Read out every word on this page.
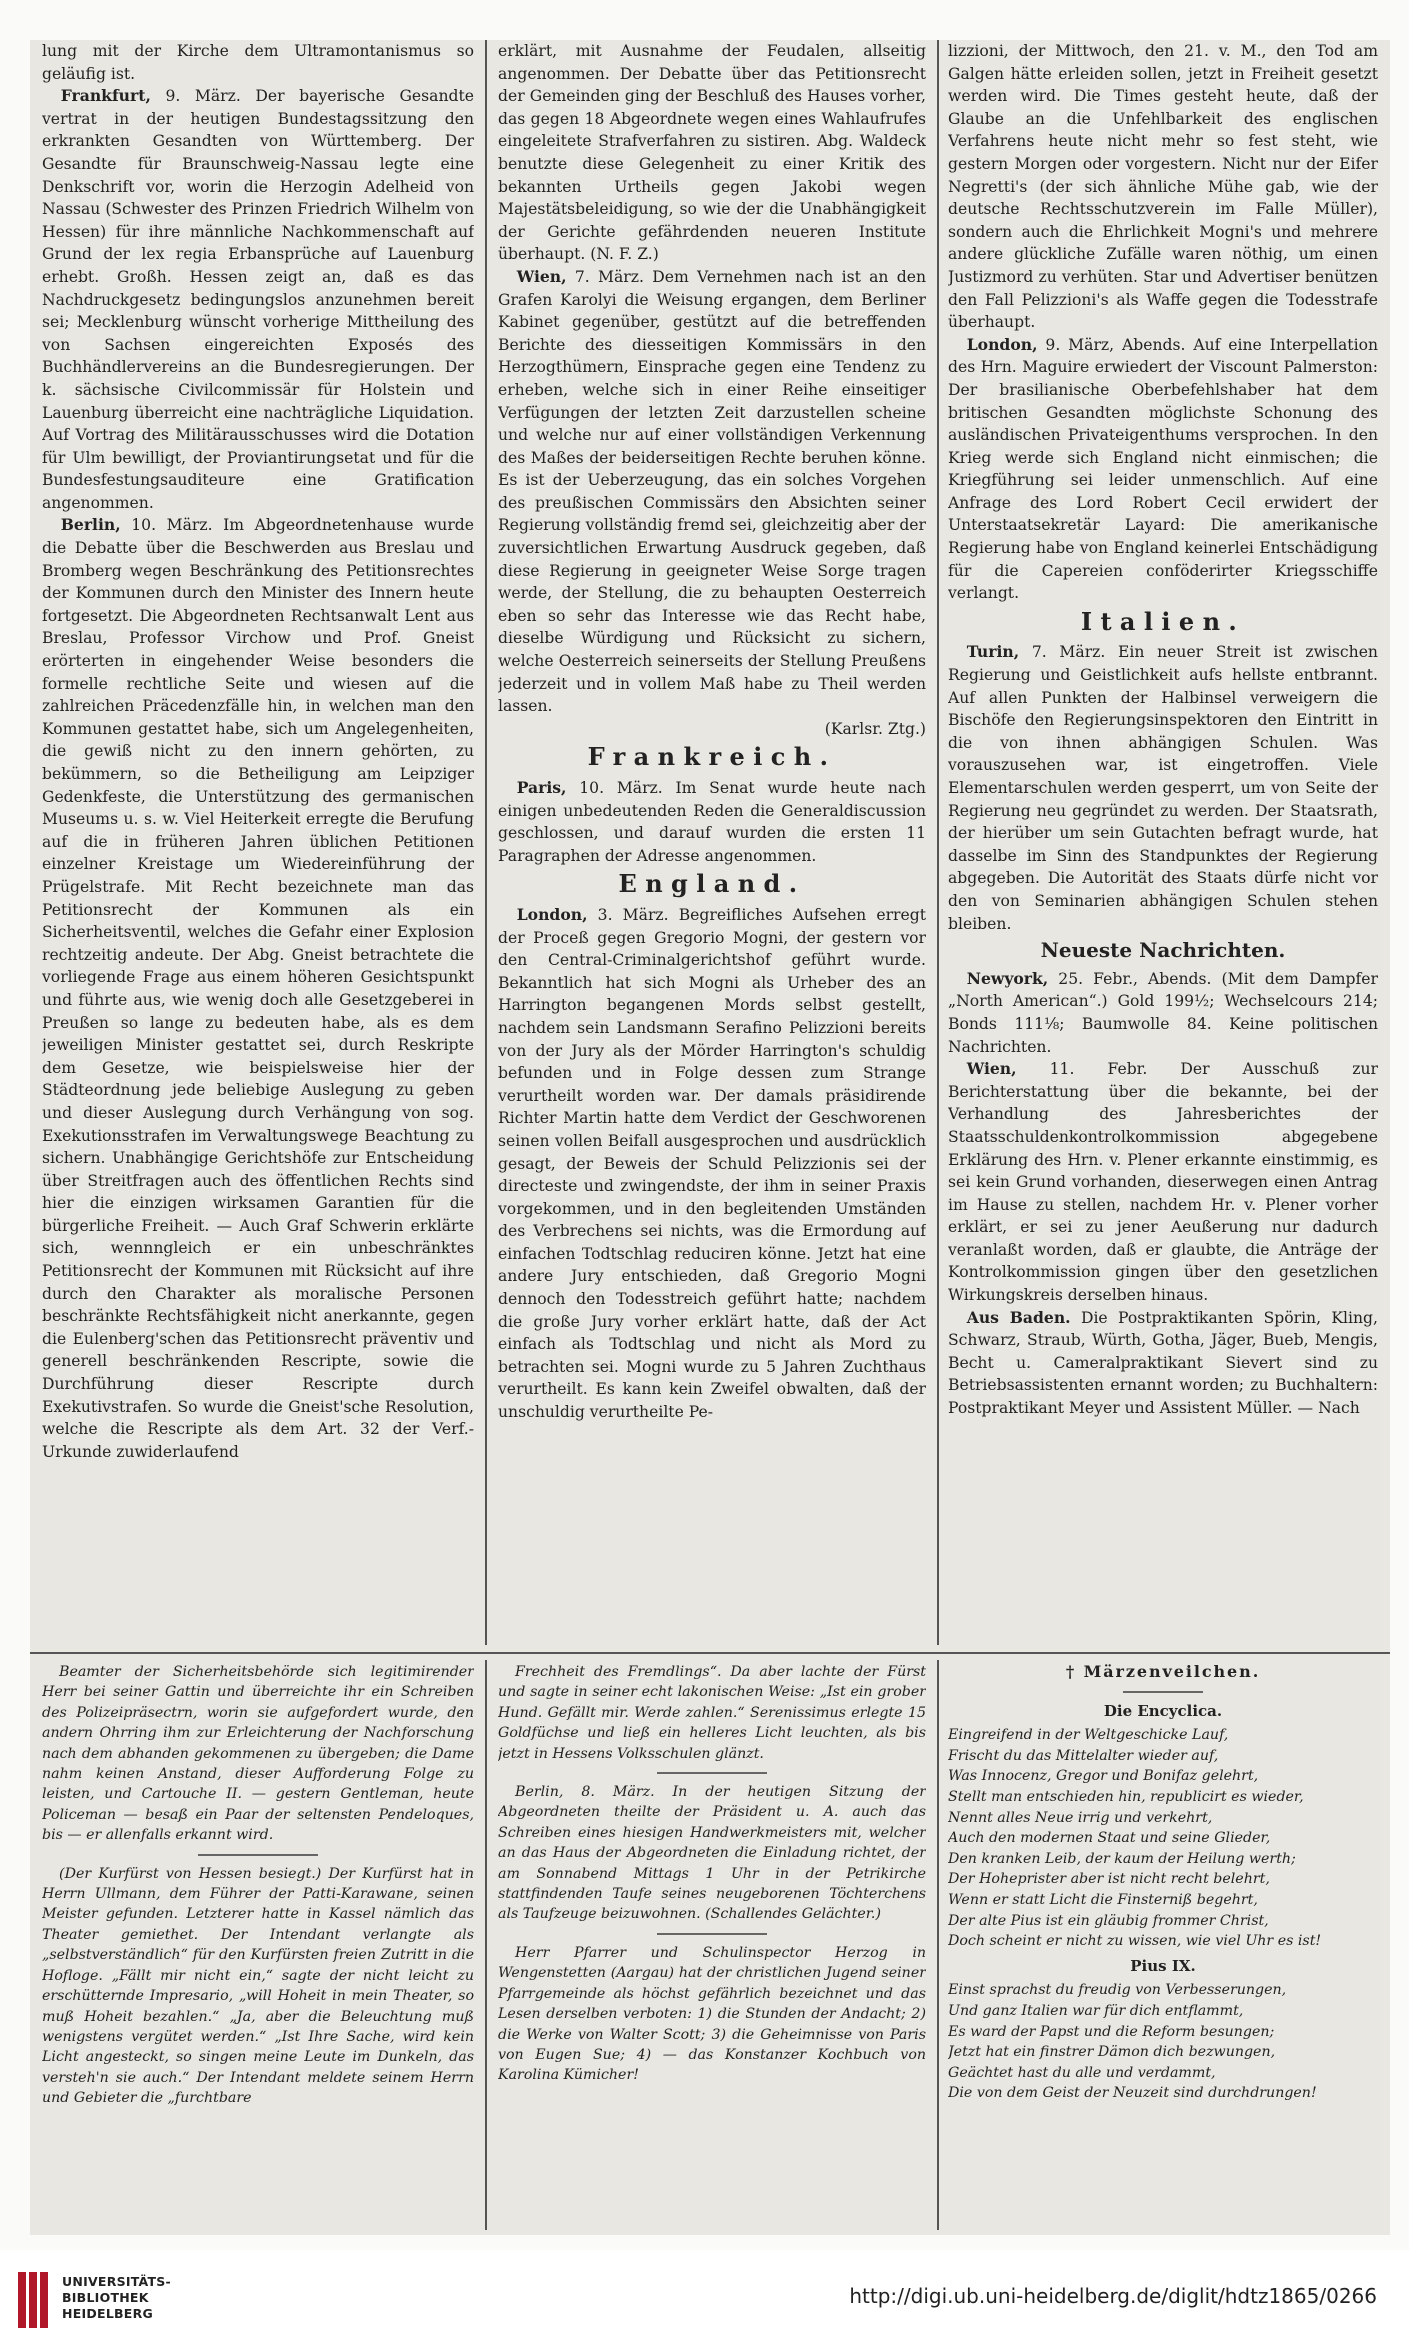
lung mit der Kirche dem Ultramontanismus so geläufig ist.

Frankfurt, 9. März. Der bayerische Gesandte vertrat in der heutigen Bundestagssitzung den erkrankten Gesandten von Württemberg. Der Gesandte für Braunschweig-Nassau legte eine Denkschrift vor, worin die Herzogin Adelheid von Nassau (Schwester des Prinzen Friedrich Wilhelm von Hessen) für ihre männliche Nachkommenschaft auf Grund der lex regia Erbansprüche auf Lauenburg erhebt. Großh. Hessen zeigt an, daß es das Nachdruckgesetz bedingungslos anzunehmen bereit sei; Mecklenburg wünscht vorherige Mittheilung des von Sachsen eingereichten Exposés des Buchhändlervereins an die Bundesregierungen. Der k. sächsische Civilcommissär für Holstein und Lauenburg überreicht eine nachträgliche Liquidation. Auf Vortrag des Militärausschusses wird die Dotation für Ulm bewilligt, der Proviantirungsetat und für die Bundesfestungsauditeure eine Gratification angenommen.

Berlin, 10. März. Im Abgeordnetenhause wurde die Debatte über die Beschwerden aus Breslau und Bromberg wegen Beschränkung des Petitionsrechtes der Kommunen durch den Minister des Innern heute fortgesetzt. Die Abgeordneten Rechtsanwalt Lent aus Breslau, Professor Virchow und Prof. Gneist erörterten in eingehender Weise besonders die formelle rechtliche Seite und wiesen auf die zahlreichen Präcedenzfälle hin, in welchen man den Kommunen gestattet habe, sich um Angelegenheiten, die gewiß nicht zu den innern gehörten, zu bekümmern, so die Betheiligung am Leipziger Gedenkfeste, die Unterstützung des germanischen Museums u. s. w. Viel Heiterkeit erregte die Berufung auf die in früheren Jahren üblichen Petitionen einzelner Kreistage um Wiedereinführung der Prügelstrafe. Mit Recht bezeichnete man das Petitionsrecht der Kommunen als ein Sicherheitsventil, welches die Gefahr einer Explosion rechtzeitig andeute. Der Abg. Gneist betrachtete die vorliegende Frage aus einem höheren Gesichtspunkt und führte aus, wie wenig doch alle Gesetzgeberei in Preußen so lange zu bedeuten habe, als es dem jeweiligen Minister gestattet sei, durch Reskripte dem Gesetze, wie beispielsweise hier der Städteordnung jede beliebige Auslegung zu geben und dieser Auslegung durch Verhängung von sog. Exekutionsstrafen im Verwaltungswege Beachtung zu sichern. Unabhängige Gerichtshöfe zur Entscheidung über Streitfragen auch des öffentlichen Rechts sind hier die einzigen wirksamen Garantien für die bürgerliche Freiheit. — Auch Graf Schwerin erklärte sich, wennngleich er ein unbeschränktes Petitionsrecht der Kommunen mit Rücksicht auf ihre durch den Charakter als moralische Personen beschränkte Rechtsfähigkeit nicht anerkannte, gegen die Eulenberg'schen das Petitionsrecht präventiv und generell beschränkenden Rescripte, sowie die Durchführung dieser Rescripte durch Exekutivstrafen. So wurde die Gneist'sche Resolution, welche die Rescripte als dem Art. 32 der Verf.-Urkunde zuwiderlaufend

erklärt, mit Ausnahme der Feudalen, allseitig angenommen. Der Debatte über das Petitionsrecht der Gemeinden ging der Beschluß des Hauses vorher, das gegen 18 Abgeordnete wegen eines Wahlaufrufes eingeleitete Strafverfahren zu sistiren. Abg. Waldeck benutzte diese Gelegenheit zu einer Kritik des bekannten Urtheils gegen Jakobi wegen Majestätsbeleidigung, so wie der die Unabhängigkeit der Gerichte gefährdenden neueren Institute überhaupt. (N. F. Z.)

Wien, 7. März. Dem Vernehmen nach ist an den Grafen Karolyi die Weisung ergangen, dem Berliner Kabinet gegenüber, gestützt auf die betreffenden Berichte des diesseitigen Kommissärs in den Herzogthümern, Einsprache gegen eine Tendenz zu erheben, welche sich in einer Reihe einseitiger Verfügungen der letzten Zeit darzustellen scheine und welche nur auf einer vollständigen Verkennung des Maßes der beiderseitigen Rechte beruhen könne. Es ist der Ueberzeugung, das ein solches Vorgehen des preußischen Commissärs den Absichten seiner Regierung vollständig fremd sei, gleichzeitig aber der zuversichtlichen Erwartung Ausdruck gegeben, daß diese Regierung in geeigneter Weise Sorge tragen werde, der Stellung, die zu behaupten Oesterreich eben so sehr das Interesse wie das Recht habe, dieselbe Würdigung und Rücksicht zu sichern, welche Oesterreich seinerseits der Stellung Preußens jederzeit und in vollem Maß habe zu Theil werden lassen.

(Karlsr. Ztg.)

Frankreich.

Paris, 10. März. Im Senat wurde heute nach einigen unbedeutenden Reden die Generaldiscussion geschlossen, und darauf wurden die ersten 11 Paragraphen der Adresse angenommen.

England.

London, 3. März. Begreifliches Aufsehen erregt der Proceß gegen Gregorio Mogni, der gestern vor den Central-Criminalgerichtshof geführt wurde. Bekanntlich hat sich Mogni als Urheber des an Harrington begangenen Mords selbst gestellt, nachdem sein Landsmann Serafino Pelizzioni bereits von der Jury als der Mörder Harrington's schuldig befunden und in Folge dessen zum Strange verurtheilt worden war. Der damals präsidirende Richter Martin hatte dem Verdict der Geschworenen seinen vollen Beifall ausgesprochen und ausdrücklich gesagt, der Beweis der Schuld Pelizzionis sei der directeste und zwingendste, der ihm in seiner Praxis vorgekommen, und in den begleitenden Umständen des Verbrechens sei nichts, was die Ermordung auf einfachen Todtschlag reduciren könne. Jetzt hat eine andere Jury entschieden, daß Gregorio Mogni dennoch den Todesstreich geführt hatte; nachdem die große Jury vorher erklärt hatte, daß der Act einfach als Todtschlag und nicht als Mord zu betrachten sei. Mogni wurde zu 5 Jahren Zuchthaus verurtheilt. Es kann kein Zweifel obwalten, daß der unschuldig verurtheilte Pe-

lizzioni, der Mittwoch, den 21. v. M., den Tod am Galgen hätte erleiden sollen, jetzt in Freiheit gesetzt werden wird. Die Times gesteht heute, daß der Glaube an die Unfehlbarkeit des englischen Verfahrens heute nicht mehr so fest steht, wie gestern Morgen oder vorgestern. Nicht nur der Eifer Negretti's (der sich ähnliche Mühe gab, wie der deutsche Rechtsschutzverein im Falle Müller), sondern auch die Ehrlichkeit Mogni's und mehrere andere glückliche Zufälle waren nöthig, um einen Justizmord zu verhüten. Star und Advertiser benützen den Fall Pelizzioni's als Waffe gegen die Todesstrafe überhaupt.

London, 9. März, Abends. Auf eine Interpellation des Hrn. Maguire erwiedert der Viscount Palmerston: Der brasilianische Oberbefehlshaber hat dem britischen Gesandten möglichste Schonung des ausländischen Privateigenthums versprochen. In den Krieg werde sich England nicht einmischen; die Kriegführung sei leider unmenschlich. Auf eine Anfrage des Lord Robert Cecil erwidert der Unterstaatsekretär Layard: Die amerikanische Regierung habe von England keinerlei Entschädigung für die Capereien conföderirter Kriegsschiffe verlangt.

Italien.

Turin, 7. März. Ein neuer Streit ist zwischen Regierung und Geistlichkeit aufs hellste entbrannt. Auf allen Punkten der Halbinsel verweigern die Bischöfe den Regierungsinspektoren den Eintritt in die von ihnen abhängigen Schulen. Was vorauszusehen war, ist eingetroffen. Viele Elementarschulen werden gesperrt, um von Seite der Regierung neu gegründet zu werden. Der Staatsrath, der hierüber um sein Gutachten befragt wurde, hat dasselbe im Sinn des Standpunktes der Regierung abgegeben. Die Autorität des Staats dürfe nicht vor den von Seminarien abhängigen Schulen stehen bleiben.

Neueste Nachrichten.

Newyork, 25. Febr., Abends. (Mit dem Dampfer „North American“.) Gold 199½; Wechselcours 214; Bonds 111⅛; Baumwolle 84. Keine politischen Nachrichten.

Wien, 11. Febr. Der Ausschuß zur Berichterstattung über die bekannte, bei der Verhandlung des Jahresberichtes der Staatsschuldenkontrolkommission abgegebene Erklärung des Hrn. v. Plener erkannte einstimmig, es sei kein Grund vorhanden, dieserwegen einen Antrag im Hause zu stellen, nachdem Hr. v. Plener vorher erklärt, er sei zu jener Aeußerung nur dadurch veranlaßt worden, daß er glaubte, die Anträge der Kontrolkommission gingen über den gesetzlichen Wirkungskreis derselben hinaus.

Aus Baden. Die Postpraktikanten Spörin, Kling, Schwarz, Straub, Würth, Gotha, Jäger, Bueb, Mengis, Becht u. Cameralpraktikant Sievert sind zu Betriebsassistenten ernannt worden; zu Buchhaltern: Postpraktikant Meyer und Assistent Müller. — Nach

Beamter der Sicherheitsbehörde sich legitimirender Herr bei seiner Gattin und überreichte ihr ein Schreiben des Polizeipräsectrn, worin sie aufgefordert wurde, den andern Ohrring ihm zur Erleichterung der Nachforschung nach dem abhanden gekommenen zu übergeben; die Dame nahm keinen Anstand, dieser Aufforderung Folge zu leisten, und Cartouche II. — gestern Gentleman, heute Policeman — besaß ein Paar der seltensten Pendeloques, bis — er allenfalls erkannt wird.

(Der Kurfürst von Hessen besiegt.) Der Kurfürst hat in Herrn Ullmann, dem Führer der Patti-Karawane, seinen Meister gefunden. Letzterer hatte in Kassel nämlich das Theater gemiethet. Der Intendant verlangte als „selbstverständlich“ für den Kurfürsten freien Zutritt in die Hofloge. „Fällt mir nicht ein,“ sagte der nicht leicht zu erschütternde Impresario, „will Hoheit in mein Theater, so muß Hoheit bezahlen.“ „Ja, aber die Beleuchtung muß wenigstens vergütet werden.“ „Ist Ihre Sache, wird kein Licht angesteckt, so singen meine Leute im Dunkeln, das versteh'n sie auch.“ Der Intendant meldete seinem Herrn und Gebieter die „furchtbare

Frechheit des Fremdlings“. Da aber lachte der Fürst und sagte in seiner echt lakonischen Weise: „Ist ein grober Hund. Gefällt mir. Werde zahlen.“ Serenissimus erlegte 15 Goldfüchse und ließ ein helleres Licht leuchten, als bis jetzt in Hessens Volksschulen glänzt.

Berlin, 8. März. In der heutigen Sitzung der Abgeordneten theilte der Präsident u. A. auch das Schreiben eines hiesigen Handwerkmeisters mit, welcher an das Haus der Abgeordneten die Einladung richtet, der am Sonnabend Mittags 1 Uhr in der Petrikirche stattfindenden Taufe seines neugeborenen Töchterchens als Taufzeuge beizuwohnen. (Schallendes Gelächter.)

Herr Pfarrer und Schulinspector Herzog in Wengenstetten (Aargau) hat der christlichen Jugend seiner Pfarrgemeinde als höchst gefährlich bezeichnet und das Lesen derselben verboten: 1) die Stunden der Andacht; 2) die Werke von Walter Scott; 3) die Geheimnisse von Paris von Eugen Sue; 4) — das Konstanzer Kochbuch von Karolina Kümicher!

† Märzenveilchen.
Die Encyclica.
Eingreifend in der Weltgeschicke Lauf,
Frischt du das Mittelalter wieder auf,
Was Innocenz, Gregor und Bonifaz gelehrt,
Stellt man entschieden hin, republicirt es wieder,
Nennt alles Neue irrig und verkehrt,
Auch den modernen Staat und seine Glieder,
Den kranken Leib, der kaum der Heilung werth;
Der Hoheprister aber ist nicht recht belehrt,
Wenn er statt Licht die Finsterniß begehrt,
Der alte Pius ist ein gläubig frommer Christ,
Doch scheint er nicht zu wissen, wie viel Uhr es ist!
Pius IX.
Einst sprachst du freudig von Verbesserungen,
Und ganz Italien war für dich entflammt,
Es ward der Papst und die Reform besungen;
Jetzt hat ein finstrer Dämon dich bezwungen,
Geächtet hast du alle und verdammt,
Die von dem Geist der Neuzeit sind durchdrungen!
UNIVERSITÄTS-
BIBLIOTHEK
HEIDELBERG
http://digi.ub.uni-heidelberg.de/diglit/hdtz1865/0266
